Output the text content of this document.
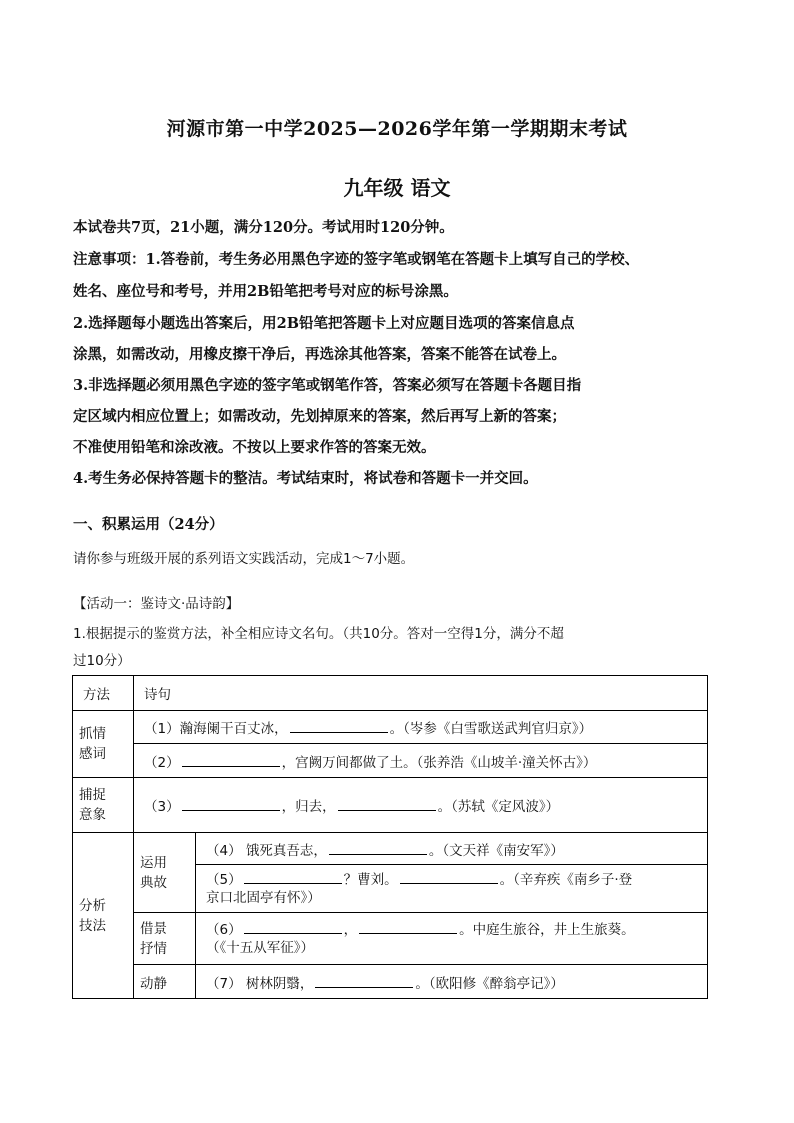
河源市第一中学2025—2026学年第一学期期末考试
九年级 语文
本试卷共7页，21小题，满分120分。考试用时120分钟。
注意事项：1.答卷前，考生务必用黑色字迹的签字笔或钢笔在答题卡上填写自己的学校、
姓名、座位号和考号，并用2B铅笔把考号对应的标号涂黑。
2.选择题每小题选出答案后，用2B铅笔把答题卡上对应题目选项的答案信息点
涂黑，如需改动，用橡皮擦干净后，再选涂其他答案，答案不能答在试卷上。
3.非选择题必须用黑色字迹的签字笔或钢笔作答，答案必须写在答题卡各题目指
定区域内相应位置上；如需改动，先划掉原来的答案，然后再写上新的答案；
不准使用铅笔和涂改液。不按以上要求作答的答案无效。
4.考生务必保持答题卡的整洁。考试结束时，将试卷和答题卡一并交回。
一、积累运用（24分）
请你参与班级开展的系列语文实践活动，完成1～7小题。
【活动一：鉴诗文·品诗韵】
1.根据提示的鉴赏方法，补全相应诗文名句。（共10分。答对一空得1分，满分不超
过10分）
方法	诗句	

抓情感词	（1）瀚海阑干百丈冰， 。（岑参《白雪歌送武判官归京》）	
	（2） ，宫阙万间都做了土。（张养浩《山坡羊·潼关怀古》）	

捕捉意象	（3） ，归去， 。（苏轼《定风波》）	

分析技法	运用典故	（4） 饿死真吾志， 。（文天祥《南安军》）
		（5） ？曹刘。 。（辛弃疾《南乡子·登
京口北固亭有怀》）

	借景抒情	（6） ， 。中庭生旅谷，井上生旅葵。
（《十五从军征》）
	动静	（7） 树林阴翳， 。（欧阳修《醉翁亭记》）
